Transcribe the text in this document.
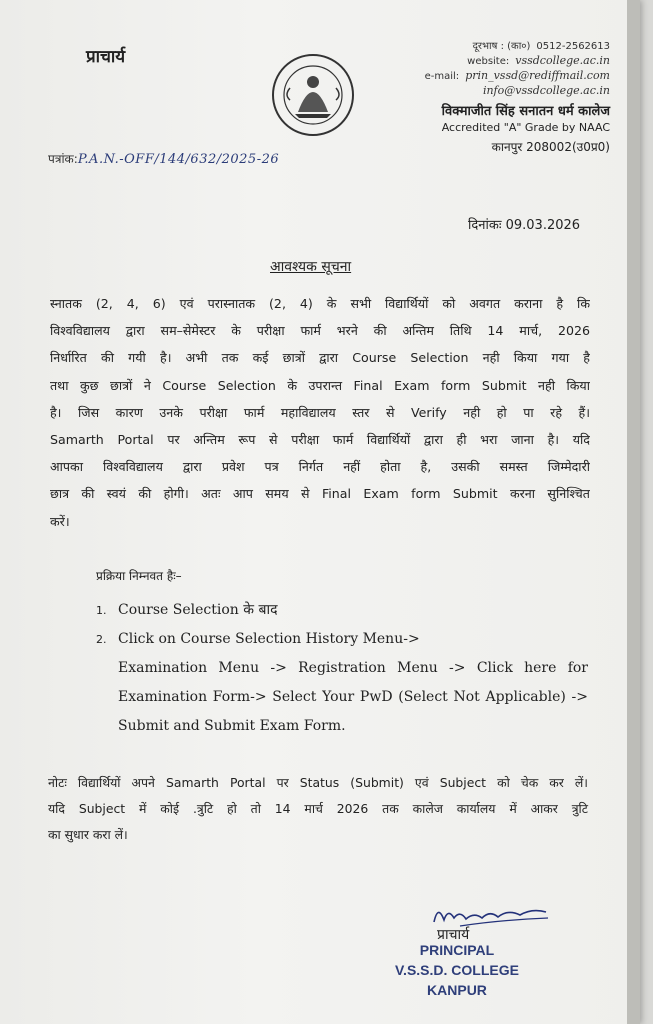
प्राचार्य
दूरभाष : (का०) 0512-2562613
website: vssdcollege.ac.in
e-mail: prin_vssd@rediffmail.com
info@vssdcollege.ac.in
विक्माजीत सिंह सनातन धर्म कालेज
Accredited "A" Grade by NAAC
कानपुर 208002(उ0प्र0)
पत्रांक:P.A.N.-OFF/144/632/2025-26
दिनांकः 09.03.2026
आवश्यक सूचना
स्नातक (2, 4, 6) एवं परास्नातक (2, 4) के सभी विद्यार्थियों को अवगत कराना है कि
विश्वविद्यालय द्वारा सम–सेमेस्टर के परीक्षा फार्म भरने की अन्तिम तिथि 14 मार्च, 2026
निर्धारित की गयी है। अभी तक कई छात्रों द्वारा Course Selection नही किया गया है
तथा कुछ छात्रों ने Course Selection के उपरान्त Final Exam form Submit नही किया
है। जिस कारण उनके परीक्षा फार्म महाविद्यालय स्तर से Verify नही हो पा रहे हैं।
Samarth Portal पर अन्तिम रूप से परीक्षा फार्म विद्यार्थियों द्वारा ही भरा जाना है। यदि
आपका विश्वविद्यालय द्वारा प्रवेश पत्र निर्गत नहीं होता है, उसकी समस्त जिम्मेदारी
छात्र की स्वयं की होगी। अतः आप समय से Final Exam form Submit करना सुनिश्चित
करें।
प्रक्रिया निम्नवत हैः–
1. Course Selection के बाद
2. Click on Course Selection History Menu->
Examination Menu -> Registration Menu -> Click here for
Examination Form-> Select Your PwD (Select Not Applicable) ->
Submit and Submit Exam Form.
नोटः विद्यार्थियों अपने Samarth Portal पर Status (Submit) एवं Subject को चेक कर लें।
यदि Subject में कोई .त्रुटि हो तो 14 मार्च 2026 तक कालेज कार्यालय में आकर त्रुटि
का सुधार करा लें।
प्राचार्य
PRINCIPAL
V.S.S.D. COLLEGE
KANPUR
